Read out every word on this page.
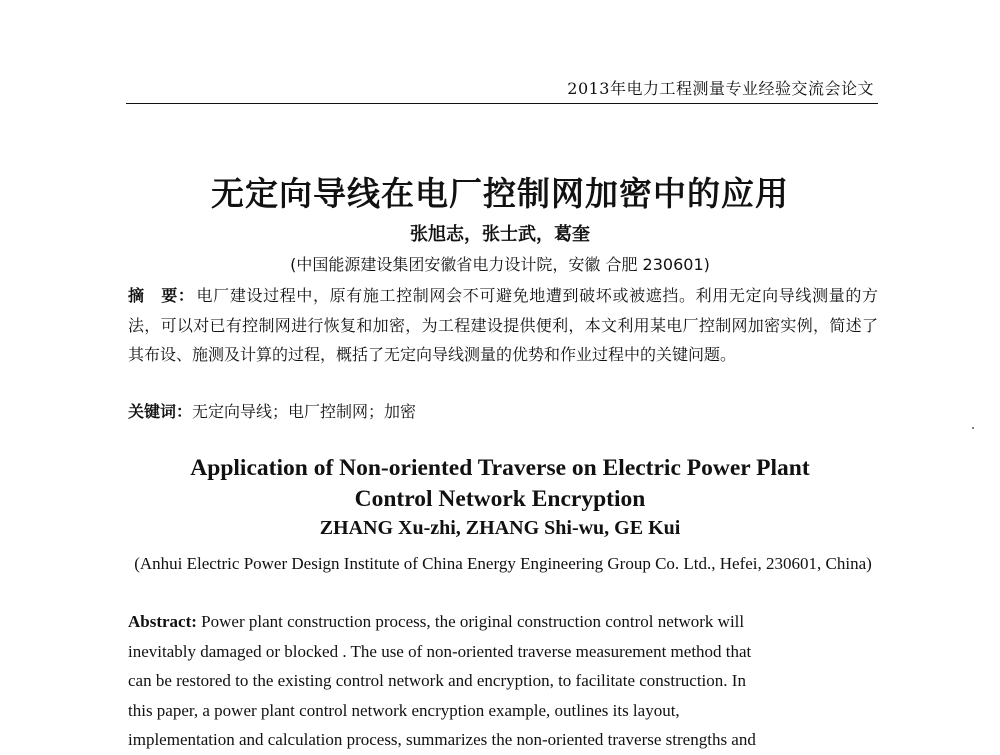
2013年电力工程测量专业经验交流会论文
无定向导线在电厂控制网加密中的应用
张旭志，张士武，葛奎
(中国能源建设集团安徽省电力设计院，安徽 合肥 230601)
摘　要： 电厂建设过程中，原有施工控制网会不可避免地遭到破坏或被遮挡。利用无定向导线测量的方法，可以对已有控制网进行恢复和加密，为工程建设提供便利，本文利用某电厂控制网加密实例，简述了其布设、施测及计算的过程，概括了无定向导线测量的优势和作业过程中的关键问题。
关键词：无定向导线；电厂控制网；加密
Application of Non-oriented Traverse on Electric Power Plant
Control Network Encryption
ZHANG Xu-zhi, ZHANG Shi-wu, GE Kui
(Anhui Electric Power Design Institute of China Energy Engineering Group Co. Ltd., Hefei, 230601, China)
Abstract: Power plant construction process, the original construction control network will
inevitably damaged or blocked . The use of non-oriented traverse measurement method that
can be restored to the existing control network and encryption, to facilitate construction. In
this paper, a power plant control network encryption example, outlines its layout,
implementation and calculation process, summarizes the non-oriented traverse strengths and
